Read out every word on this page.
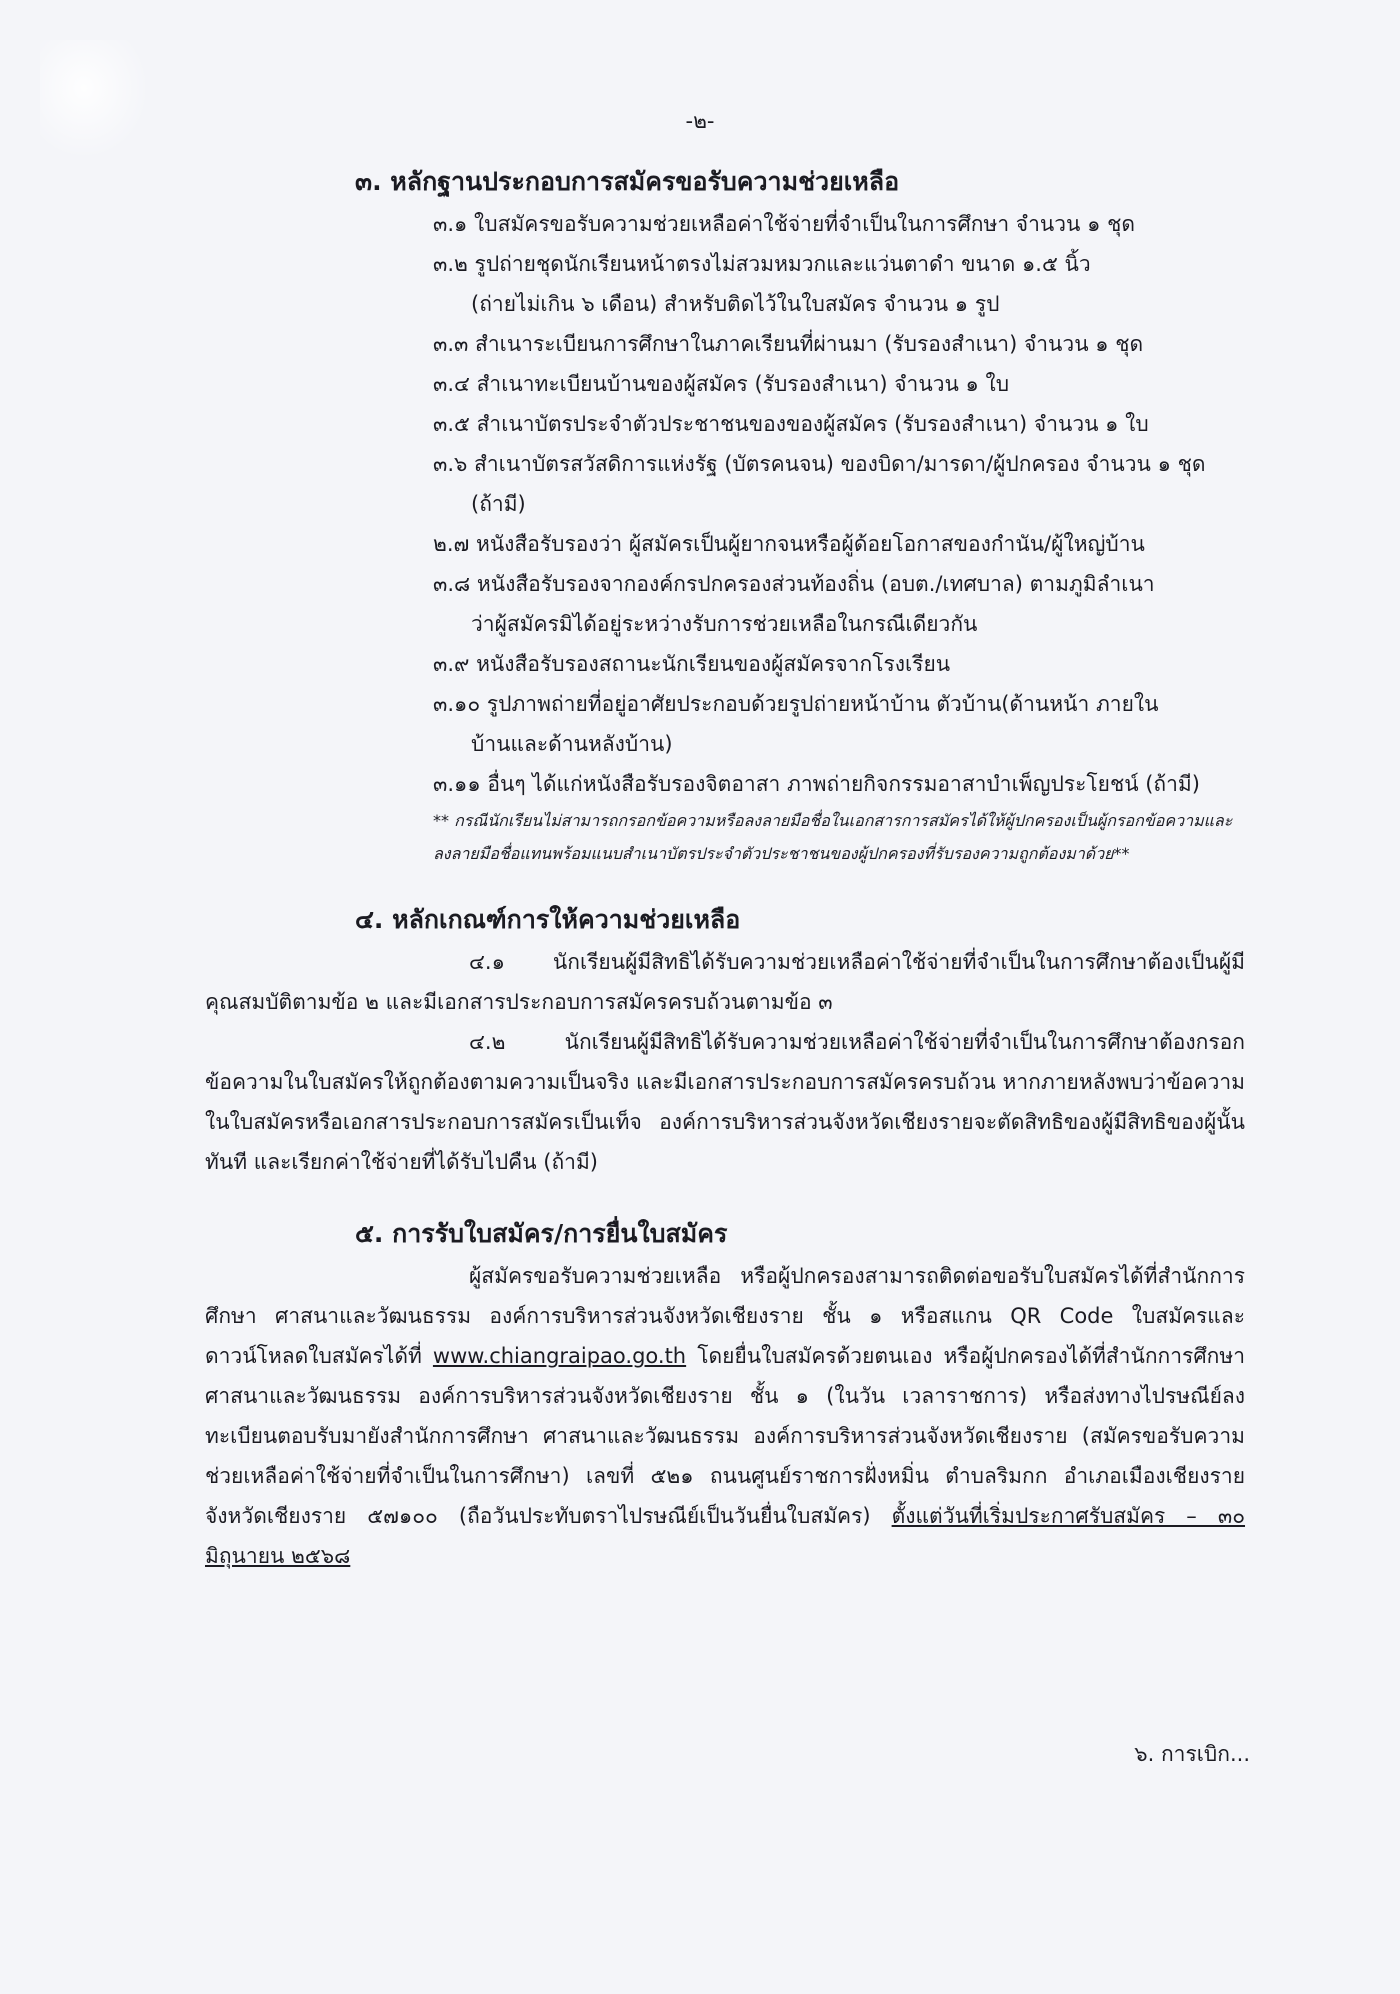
-๒-
๓. หลักฐานประกอบการสมัครขอรับความช่วยเหลือ
๓.๑ ใบสมัครขอรับความช่วยเหลือค่าใช้จ่ายที่จำเป็นในการศึกษา จำนวน ๑ ชุด
๓.๒ รูปถ่ายชุดนักเรียนหน้าตรงไม่สวมหมวกและแว่นตาดำ ขนาด ๑.๕ นิ้ว
(ถ่ายไม่เกิน ๖ เดือน) สำหรับติดไว้ในใบสมัคร จำนวน ๑ รูป
๓.๓ สำเนาระเบียนการศึกษาในภาคเรียนที่ผ่านมา (รับรองสำเนา) จำนวน ๑ ชุด
๓.๔ สำเนาทะเบียนบ้านของผู้สมัคร (รับรองสำเนา) จำนวน ๑ ใบ
๓.๕ สำเนาบัตรประจำตัวประชาชนของของผู้สมัคร (รับรองสำเนา) จำนวน ๑ ใบ
๓.๖ สำเนาบัตรสวัสดิการแห่งรัฐ (บัตรคนจน) ของบิดา/มารดา/ผู้ปกครอง จำนวน ๑ ชุด
(ถ้ามี)
๒.๗ หนังสือรับรองว่า ผู้สมัครเป็นผู้ยากจนหรือผู้ด้อยโอกาสของกำนัน/ผู้ใหญ่บ้าน
๓.๘ หนังสือรับรองจากองค์กรปกครองส่วนท้องถิ่น (อบต./เทศบาล) ตามภูมิลำเนา
ว่าผู้สมัครมิได้อยู่ระหว่างรับการช่วยเหลือในกรณีเดียวกัน
๓.๙ หนังสือรับรองสถานะนักเรียนของผู้สมัครจากโรงเรียน
๓.๑๐ รูปภาพถ่ายที่อยู่อาศัยประกอบด้วยรูปถ่ายหน้าบ้าน ตัวบ้าน(ด้านหน้า ภายใน
บ้านและด้านหลังบ้าน)
๓.๑๑ อื่นๆ ได้แก่หนังสือรับรองจิตอาสา ภาพถ่ายกิจกรรมอาสาบำเพ็ญประโยชน์ (ถ้ามี)
** กรณีนักเรียนไม่สามารถกรอกข้อความหรือลงลายมือชื่อในเอกสารการสมัครได้ให้ผู้ปกครองเป็นผู้กรอกข้อความและลงลายมือชื่อแทนพร้อมแนบสำเนาบัตรประจำตัวประชาชนของผู้ปกครองที่รับรองความถูกต้องมาด้วย**
๔. หลักเกณฑ์การให้ความช่วยเหลือ

๔.๑ นักเรียนผู้มีสิทธิได้รับความช่วยเหลือค่าใช้จ่ายที่จำเป็นในการศึกษาต้องเป็นผู้มีคุณสมบัติตามข้อ ๒ และมีเอกสารประกอบการสมัครครบถ้วนตามข้อ ๓

๔.๒ นักเรียนผู้มีสิทธิได้รับความช่วยเหลือค่าใช้จ่ายที่จำเป็นในการศึกษาต้องกรอกข้อความในใบสมัครให้ถูกต้องตามความเป็นจริง และมีเอกสารประกอบการสมัครครบถ้วน หากภายหลังพบว่าข้อความในใบสมัครหรือเอกสารประกอบการสมัครเป็นเท็จ องค์การบริหารส่วนจังหวัดเชียงรายจะตัดสิทธิของผู้มีสิทธิของผู้นั้นทันที และเรียกค่าใช้จ่ายที่ได้รับไปคืน (ถ้ามี)

๕. การรับใบสมัคร/การยื่นใบสมัคร

ผู้สมัครขอรับความช่วยเหลือ หรือผู้ปกครองสามารถติดต่อขอรับใบสมัครได้ที่สำนักการศึกษา ศาสนาและวัฒนธรรม องค์การบริหารส่วนจังหวัดเชียงราย ชั้น ๑ หรือสแกน QR Code ใบสมัครและดาวน์โหลดใบสมัครได้ที่ www.chiangraipao.go.th โดยยื่นใบสมัครด้วยตนเอง หรือผู้ปกครองได้ที่สำนักการศึกษา ศาสนาและวัฒนธรรม องค์การบริหารส่วนจังหวัดเชียงราย ชั้น ๑ (ในวัน เวลาราชการ) หรือส่งทางไปรษณีย์ลงทะเบียนตอบรับมายังสำนักการศึกษา ศาสนาและวัฒนธรรม องค์การบริหารส่วนจังหวัดเชียงราย (สมัครขอรับความช่วยเหลือค่าใช้จ่ายที่จำเป็นในการศึกษา) เลขที่ ๕๒๑ ถนนศูนย์ราชการฝั่งหมิ่น ตำบลริมกก อำเภอเมืองเชียงราย จังหวัดเชียงราย ๕๗๑๐๐ (ถือวันประทับตราไปรษณีย์เป็นวันยื่นใบสมัคร) ตั้งแต่วันที่เริ่มประกาศรับสมัคร – ๓๐ มิถุนายน ๒๕๖๘

๖. การเบิก...
